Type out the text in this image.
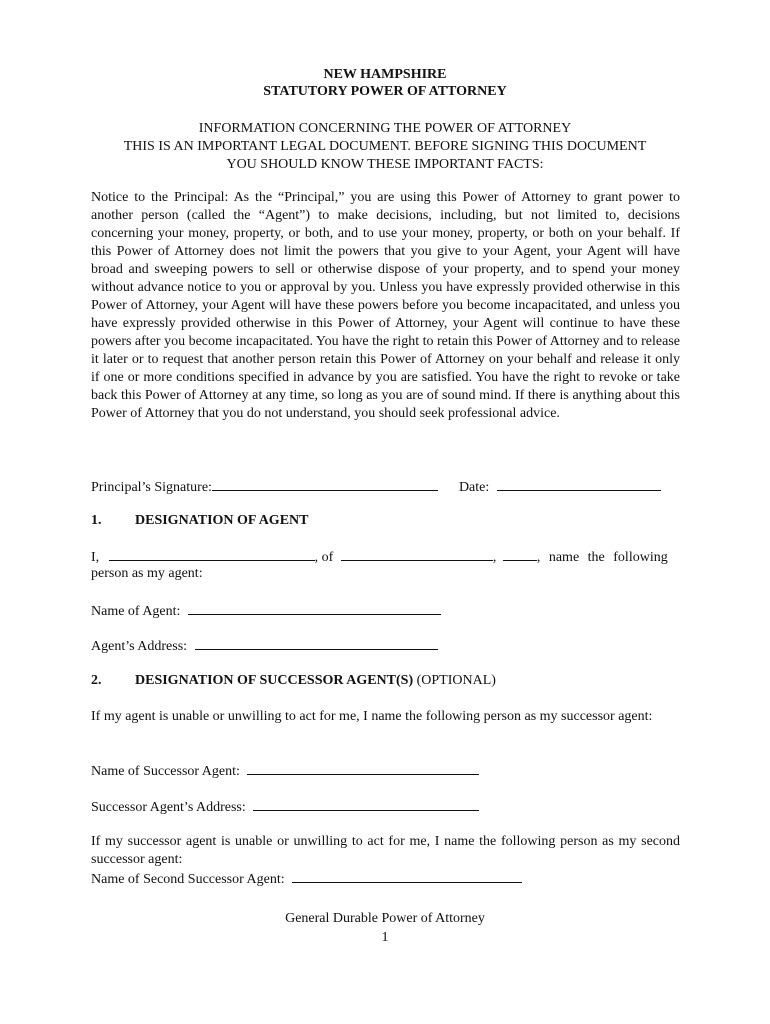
NEW HAMPSHIRE
STATUTORY POWER OF ATTORNEY
INFORMATION CONCERNING THE POWER OF ATTORNEY
THIS IS AN IMPORTANT LEGAL DOCUMENT. BEFORE SIGNING THIS DOCUMENT
YOU SHOULD KNOW THESE IMPORTANT FACTS:
Notice to the Principal: As the “Principal,” you are using this Power of Attorney to grant power to another person (called the “Agent”) to make decisions, including, but not limited to, decisions concerning your money, property, or both, and to use your money, property, or both on your behalf. If this Power of Attorney does not limit the powers that you give to your Agent, your Agent will have broad and sweeping powers to sell or otherwise dispose of your property, and to spend your money without advance notice to you or approval by you. Unless you have expressly provided otherwise in this Power of Attorney, your Agent will have these powers before you become incapacitated, and unless you have expressly provided otherwise in this Power of Attorney, your Agent will continue to have these powers after you become incapacitated. You have the right to retain this Power of Attorney and to release it later or to request that another person retain this Power of Attorney on your behalf and release it only if one or more conditions specified in advance by you are satisfied. You have the right to revoke or take back this Power of Attorney at any time, so long as you are of sound mind. If there is anything about this Power of Attorney that you do not understand, you should seek professional advice.
Principal’s Signature:	Date:
1. DESIGNATION OF AGENT
I,	, of	,	, name the following
person as my agent:
Name of Agent:
Agent’s Address:
2. DESIGNATION OF SUCCESSOR AGENT(S) (OPTIONAL)
If my agent is unable or unwilling to act for me, I name the following person as my successor agent:
Name of Successor Agent:
Successor Agent’s Address:
If my successor agent is unable or unwilling to act for me, I name the following person as my second successor agent:
Name of Second Successor Agent:
General Durable Power of Attorney
1
